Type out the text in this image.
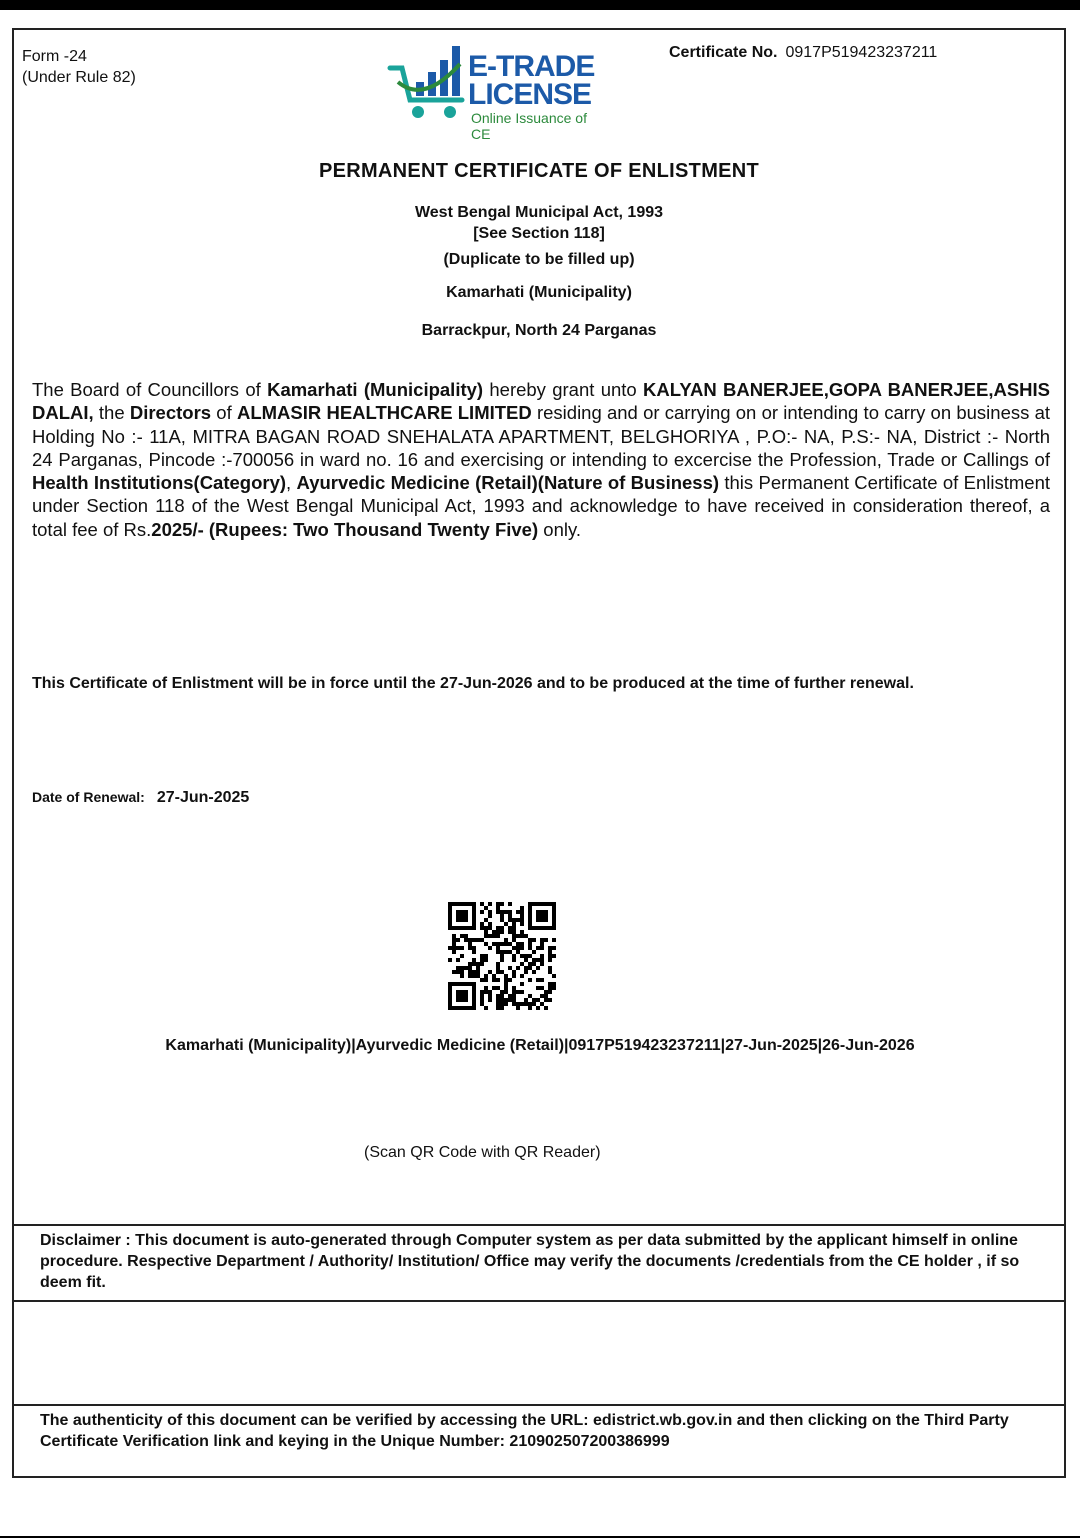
Form -24
(Under Rule 82)	E-TRADE
LICENSE
Online Issuance of CE
Certificate No. 0917P519423237211
PERMANENT CERTIFICATE OF ENLISTMENT
West Bengal Municipal Act, 1993
[See Section 118]
(Duplicate to be filled up)
Kamarhati (Municipality)
Barrackpur, North 24 Parganas
The Board of Councillors of Kamarhati (Municipality) hereby grant unto KALYAN BANERJEE,GOPA BANERJEE,ASHIS DALAI, the Directors of ALMASIR HEALTHCARE LIMITED residing and or carrying on or intending to carry on business at Holding No :- 11A, MITRA BAGAN ROAD SNEHALATA APARTMENT, BELGHORIYA , P.O:- NA, P.S:- NA, District :- North 24 Parganas, Pincode :-700056 in ward no. 16 and exercising or intending to excercise the Profession, Trade or Callings of Health Institutions(Category), Ayurvedic Medicine (Retail)(Nature of Business) this Permanent Certificate of Enlistment under Section 118 of the West Bengal Municipal Act, 1993 and acknowledge to have received in consideration thereof, a total fee of Rs.2025/- (Rupees: Two Thousand Twenty Five) only.
This Certificate of Enlistment will be in force until the 27-Jun-2026 and to be produced at the time of further renewal.
Date of Renewal: 27-Jun-2025
Kamarhati (Municipality)|Ayurvedic Medicine (Retail)|0917P519423237211|27-Jun-2025|26-Jun-2026
(Scan QR Code with QR Reader)
Disclaimer : This document is auto-generated through Computer system as per data submitted by the applicant himself in online procedure. Respective Department / Authority/ Institution/ Office may verify the documents /credentials from the CE holder , if so deem fit.
The authenticity of this document can be verified by accessing the URL: edistrict.wb.gov.in and then clicking on the Third Party Certificate Verification link and keying in the Unique Number: 210902507200386999
